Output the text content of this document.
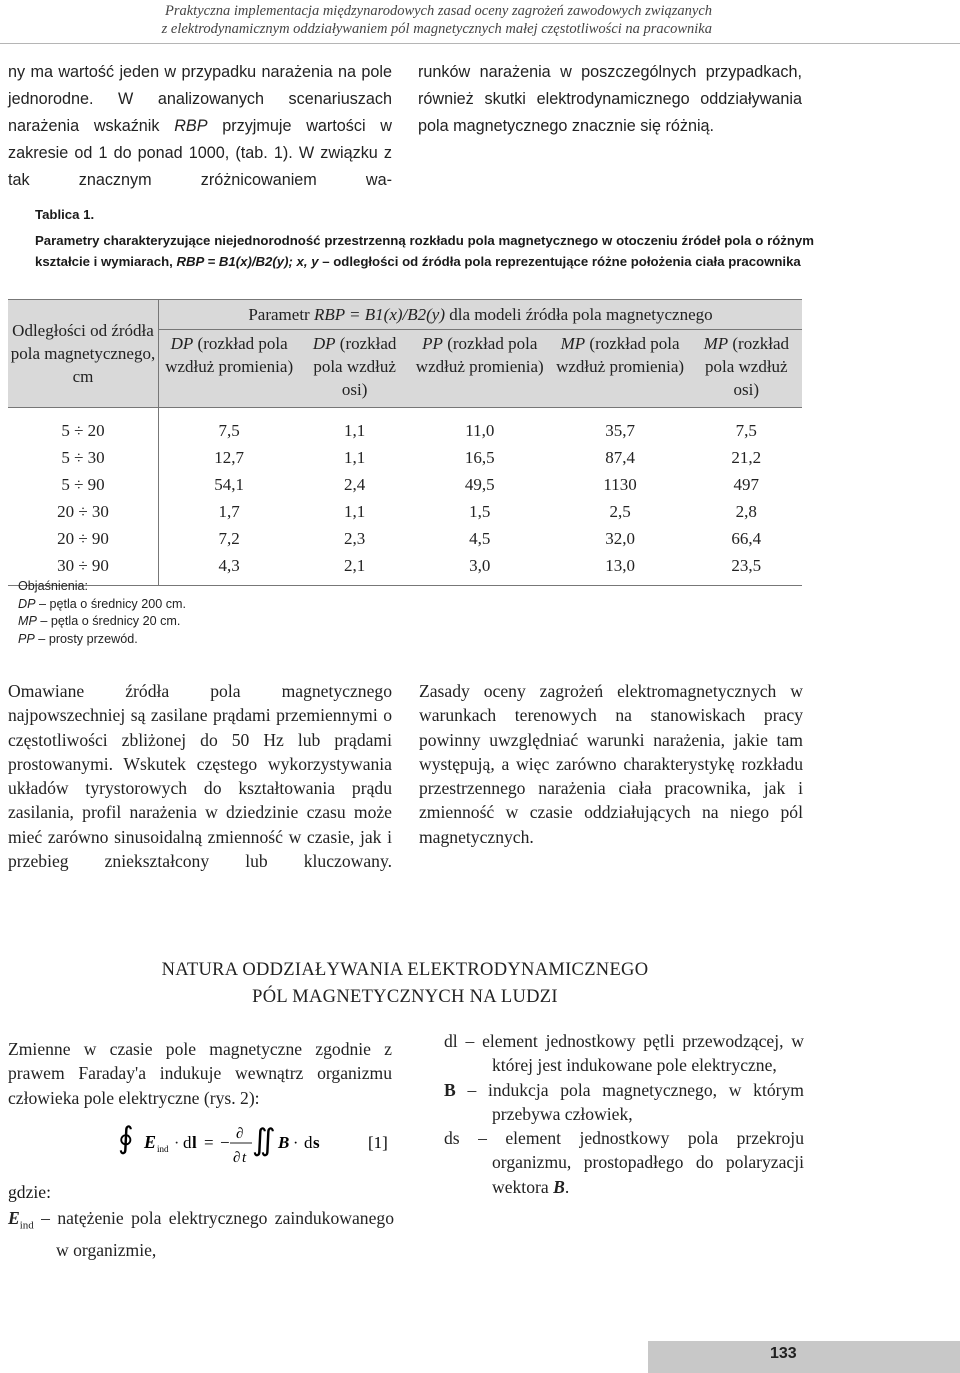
Praktyczna implementacja międzynarodowych zasad oceny zagrożeń zawodowych związanych
z elektrodynamicznym oddziaływaniem pól magnetycznych małej częstotliwości na pracownika
ny ma wartość jeden w przypadku narażenia na pole jednorodne. W analizowanych scenariuszach narażenia wskaźnik RBP przyjmuje wartości w zakresie od 1 do ponad 1000, (tab. 1). W związku z tak znacznym zróżnicowaniem wa-
runków narażenia w poszczególnych przypadkach, również skutki elektrodynamicznego oddziaływania pola magnetycznego znacznie się różnią.
Tablica 1.
Parametry charakteryzujące niejednorodność przestrzenną rozkładu pola magnetycznego w otoczeniu źródeł pola o różnym kształcie i wymiarach, RBP = B1(x)/B2(y); x, y – odległości od źródła pola reprezentujące różne położenia ciała pracownika
Odległości od źródła pola magnetycznego, cm	Parametr RBP = B1(x)/B2(y) dla modeli źródła pola magnetycznego				
	DP (rozkład pola wzdłuż promienia)	DP (rozkład pola wzdłuż osi)	PP (rozkład pola wzdłuż promienia)	MP (rozkład pola wzdłuż promienia)	MP (rozkład pola wzdłuż osi)
5 ÷ 20	7,5	1,1	11,0	35,7	7,5
5 ÷ 30	12,7	1,1	16,5	87,4	21,2
5 ÷ 90	54,1	2,4	49,5	1130	497
20 ÷ 30	1,7	1,1	1,5	2,5	2,8
20 ÷ 90	7,2	2,3	4,5	32,0	66,4
30 ÷ 90	4,3	2,1	3,0	13,0	23,5
Objaśnienia:
DP – pętla o średnicy 200 cm.
MP – pętla o średnicy 20 cm.
PP – prosty przewód.
Omawiane źródła pola magnetycznego najpowszechniej są zasilane prądami przemiennymi o częstotliwości zbliżonej do 50 Hz lub prądami prostowanymi. Wskutek częstego wykorzystywania układów tyrystorowych do kształtowania prądu zasilania, profil narażenia w dziedzinie czasu może mieć zarówno sinusoidalną zmienność w czasie, jak i przebieg zniekształcony lub kluczowany.
Zasady oceny zagrożeń elektromagnetycznych w warunkach terenowych na stanowiskach pracy powinny uwzględniać warunki narażenia, jakie tam występują, a więc zarówno charakterystykę rozkładu przestrzennego narażenia ciała pracownika, jak i zmienność w czasie oddziałujących na niego pól magnetycznych.
NATURA ODDZIAŁYWANIA ELEKTRODYNAMICZNEGO
PÓL MAGNETYCZNYCH NA LUDZI
Zmienne w czasie pole magnetyczne zgodnie z prawem Faraday'a indukuje wewnątrz organizmu człowieka pole elektryczne (rys. 2):
∮ E ind · d l = − ∂
∂ t
∬ B · d s	[1]
gdzie:
$E_{ind}$ – natężenie pola elektrycznego zaindukowanego w organizmie,
dl – element jednostkowy pętli przewodzącej, w której jest indukowane pole elektryczne,
B – indukcja pola magnetycznego, w którym przebywa człowiek,
ds – element jednostkowy pola przekroju organizmu, prostopadłego do polaryzacji wektora B.
133
